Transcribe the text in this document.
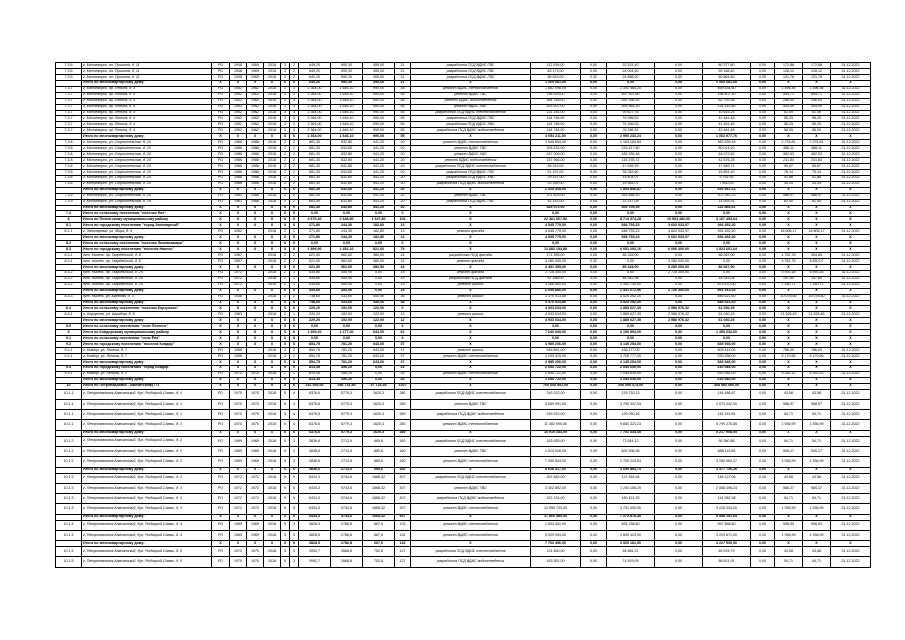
7.3.6	г. Мончегорск, пл. Пушкина, д. 11	РО	1948	1969	2018	3	2	649,20	590,30	455,00	21	разработка ПСД ВДИС ГВС	112 939,00	0,00	32 531,40	0,00	80 377,60	0,00	172,88	172,88	31.12.2022
7.3.6	г. Мончегорск, пл. Пушкина, д. 11	РО	1948	1969	2018	3	2	649,20	590,30	455,00	21	разработка ПСД ВДИС ГВС	83 173,00	0,00	24 004,60	0,00	59 168,40	0,00	128,12	128,12	31.12.2022
7.3.6	г. Мончегорск, пл. Пушкина, д. 11	РО	1948	1969	2018	3	2	649,20	590,30	455,00	21	разработка ПСД ВДИС ГВС	85 553,00	0,00	24 688,20	0,00	60 864,80	0,00	131,78	131,78	31.12.2022
	Итого по многоквартирному дому:	X	X	X	X	X	X	649,20	590,30	455,00	21	X	1 069 681,00	0,00	0,00	0,00	1 069 681,00	0,00	X	X	X
7.3.7	г. Мончегорск, пр. Ленина, д. 4	РО	1952	1962	2018	3	3	2 364,00	1 646,10	990,00	55	ремонт ВДИС теплоснабжения	1 862 098,00	0,00	1 392 463,20	0,00	469 634,80	0,00	1 496,36	1 496,36	31.12.2022
7.3.7	г. Мончегорск, пр. Ленина, д. 4	РО	1952	1962	2018	3	3	2 364,00	1 646,10	990,00	55	ремонт ВДИС ГВС	796 329,00	0,00	597 921,60	0,00	198 407,40	0,00	594,71	594,71	31.12.2022
7.3.7	г. Мончегорск, пр. Ленина, д. 4	РО	1952	1962	2018	3	3	2 364,00	1 646,10	990,00	55	ремонт ВДИС водоотведения	364 789,00	0,00	281 996,92	0,00	82 792,08	0,00	256,04	256,04	31.12.2022
7.3.7	г. Мончегорск, пр. Ленина, д. 4	РО	1952	1962	2018	3	3	2 364,00	1 646,10	990,00	55	ремонт ВДИС ХВС	533 507,00	0,00	399 364,20	0,00	134 142,80	0,00	405,49	405,49	31.12.2022
7.3.7	г. Мончегорск, пр. Ленина, д. 4	РО	1952	1962	2018	3	3	2 364,00	1 646,10	990,00	55	разработка ПСД ВДИС теплоснабжения	131 244,00	0,00	90 627,76	0,00	40 616,24	0,00	61,49	61,49	31.12.2022
7.3.7	г. Мончегорск, пр. Ленина, д. 4	РО	1952	1962	2018	3	3	2 364,00	1 646,10	990,00	55	разработка ПСД ВДИС ГВС	118 748,00	0,00	76 286,52	0,00	42 461,48	0,00	56,25	56,25	31.12.2022
7.3.7	г. Мончегорск, пр. Ленина, д. 4	РО	1952	1962	2018	3	3	2 364,00	1 646,10	990,00	55	разработка ПСД ВДИС ХВС	118 748,00	0,00	76 286,52	0,00	42 461,48	0,00	56,25	56,25	31.12.2022
7.3.7	г. Мончегорск, пр. Ленина, д. 4	РО	1952	1962	2018	3	3	2 364,00	1 646,10	990,00	55	разработка ПСД ВДИС водоотведения	118 748,00	0,00	76 286,52	0,00	42 461,48	0,00	56,25	56,25	31.12.2022
	Итого по многоквартирному дому:	X	X	X	X	X	X	2 364,00	1 646,10	990,00	55	X	4 054 211,00	0,00	2 990 233,24	0,00	1 063 977,76	0,00	X	X	X
7.3.8	г. Мончегорск, ул. Строительная, д. 24	РО	1986	1986	2018	2	2	681,30	632,80	441,20	20	ремонт ВДИС теплоснабжения	1 545 804,00	0,00	1 163 164,84	0,00	382 639,16	0,00	2 276,81	2 276,81	31.12.2022
7.3.8	г. Мончегорск, ул. Строительная, д. 24	РО	1986	1986	2018	2	2	681,30	632,80	441,20	20	ремонт ВДИС ГВС	305 432,00	0,00	225 417,80	0,00	80 014,20	0,00	488,11	488,11	31.12.2022
7.3.8	г. Мончегорск, ул. Строительная, д. 24	РО	1986	1986	2018	2	2	681,30	632,80	441,20	20	ремонт ВДИС ХВС	247 009,00	0,00	182 936,48	0,00	64 072,52	0,00	362,53	362,53	31.12.2022
7.3.8	г. Мончегорск, ул. Строительная, д. 24	РО	1986	1986	2018	2	2	681,30	632,80	441,20	20	ремонт ВДИС водоотведения	157 955,00	0,00	115 378,72	0,00	42 576,28	0,00	231,84	231,84	31.12.2022
7.3.8	г. Мончегорск, ул. Строительная, д. 24	РО	1986	1986	2018	2	2	681,30	632,80	441,20	20	разработка ПСД ВДИС теплоснабжения	65 319,00	0,00	47 635,29	0,00	17 683,71	0,00	95,87	95,87	31.12.2022
7.3.8	г. Мончегорск, ул. Строительная, д. 24	РО	1986	1986	2018	2	2	681,30	632,80	441,20	20	разработка ПСД ВДИС ГВС	51 197,00	0,00	35 345,60	0,00	15 851,40	0,00	75,14	75,14	31.12.2022
7.3.8	г. Мончегорск, ул. Строительная, д. 24	РО	1986	1986	2018	2	2	681,30	632,80	441,20	20	разработка ПСД ВДИС ХВС	29 197,00	0,00	19 404,07	0,00	9 792,93	0,00	42,86	42,86	31.12.2022
7.3.8	г. Мончегорск, ул. Строительная, д. 24	РО	1986	1986	2018	2	2	681,30	632,80	441,20	20	разработка ПСД ВДИС водоотведения	23 395,00	0,00	15 564,07	0,00	7 830,93	0,00	34,34	34,34	31.12.2022
	Итого по многоквартирному дому:	X	X	X	X	X	X	681,30	632,80	441,20	20	X	2 425 308,00	0,00	1 804 846,87	0,00	620 461,13	0,00	X	X	X
7.3.9	г. Мончегорск, ул. Строительная, д. 26	РО	1961	1986	2018	2	2	681,30	632,80	441,20	20	ремонт ВДИС ГВС	371 429,00	0,00	263 488,30	0,00	107 940,70	0,00	586,97	586,97	31.12.2022
7.3.9	г. Мончегорск, ул. Строительная, д. 26	РО	1961	1986	2018	2	2	681,30	632,80	441,20	20	разработка ПСД ВДИС ГВС	52 143,00	0,00	37 217,09	0,00	14 925,91	0,00	82,40	82,40	31.12.2022
	Итого по многоквартирному дому:	X	X	X	X	X	X	681,30	632,80	441,20	20	X	423 572,00	0,00	300 705,39	0,00	122 866,61	0,00	X	X	X
7.4	Итого по сельскому поселению "поселок Нат"	X	X	X	X	X	X	0,00	0,00	0,00	0	X	0,00	0,00	0,00	0,00	0,00	0,00	X	X	X
8	Итого по Печенгскому муниципальному району	X	X	X	X	X	X	3 676,40	2 638,90	1 647,80	104	X	22 361 607,80	0,00	8 713 374,28	10 503 480,00	3 167 453,64	0,00	X	X	X
8.1	Итого по городскому поселению "город Заполярный"	X	X	X	X	X	X	271,80	244,30	182,80	13	X	4 545 779,00	0,00	548 793,23	3 602 033,97	394 452,40	0,00	X	X	X
8.1.1	г. Заполярный, ул. Мира, д. 5	РО	1952		2018	2	1	271,80	244,30	182,80	13	ремонт фасада	4 545 779,00	0,00	548 793,23	3 602 033,97	394 452,40	0,00	18 606,17	18 606,17	31.12.2022
	Итого по многоквартирному дому:	X	X	X	X	X	X	271,80	244,30	182,80	13	X	4 545 779,00	0,00	548 793,23	3 602 033,97	394 452,40	0,00	X	X	X
8.2	Итого по сельскому поселению "поселок Лиинахамари"	X	X	X	X	X	X	0,00	0,00	0,00	0	X	0,00	0,00	0,00	0,00	0,00	0,00	X	X	X
8.3	Итого по городскому поселению "поселок Никель"	X	X	X	X	X	X	1 895,90	1 451,10	821,00	79	X	12 882 194,80	0,00	6 051 293,16	6 006 300,00	1 824 601,64	0,00	X	X	X
8.3.1	пгт. Никель, пр. Гвардейский, д. 8	РО	1967		2018	2	2	621,50	562,60	380,50	24	разработка ПСД фасада	171 395,00	0,00	85 328,00	0,00	86 067,00	0,00	4 762,78	304,65	31.12.2022
8.3.1	пгт. Никель, пр. Гвардейский, д. 8	РО	1967		2018	2	2	621,50	562,60	380,50	24	ремонт фасада	3 280 000,00	0,00	0,00	3 280 000,00	0,00	0,00	4 762,78	5 830,07	31.12.2022
	Итого по многоквартирному дому:	X	X	X	X	X	X	621,50	562,60	380,50	24	X	3 451 395,00	0,00	85 328,00	3 280 000,00	86 067,00	0,00	X	X	X
8.3.2	пгт. Никель, пр. Гвардейский, д. 25	РО	1972		2018	2	1	535,80	454,90	0,00	19	ремонт фасада	2 726 300,00	0,00	0,00	2 726 300,00	0,00	0,00	5 993,18	5 993,18	31.12.2022
8.3.2	пгт. Никель, пр. Гвардейский, д. 25	РО	1972		2018	2	1	535,80	454,90	0,00	19	разработка ПСД фасада	67 186,00	0,00	48 942,96	0,00	18 243,04	0,00	147,69	147,69	31.12.2022
8.3.2	пгт. Никель, пр. Гвардейский, д. 25	РО	1972		2018	2	1	535,80	454,90	0,00	19	ремонт крыши	3 266 400,00	0,00	2 392 730,00	0,00	873 670,00	0,00	7 180,71	7 180,71	31.12.2022
	Итого по многоквартирному дому:	X	X	X	X	X	X	535,80	454,90	0,00	19	X	6 059 886,00	0,00	2 441 672,96	2 726 300,00	891 913,04	0,00	X	X	X
8.3.3	пгт. Никель, ул. Бредова, д. 3	РО	1938		2018	2	2	738,60	433,60	440,50	36	ремонт крыши	3 370 913,80	0,00	3 524 292,20	0,00	846 621,60	0,00	10 078,50	10 078,50	31.12.2022
	Итого по многоквартирному дому:	X	X	X	X	X	X	738,60	433,60	440,50	36	X	3 370 913,80	0,00	3 524 292,20	0,00	846 621,60	0,00	X	X	X
8.4	Итого по сельскому поселению "поселок Корзуново"	X	X	X	X	X	X	229,20	192,00	122,00	0	X	4 933 634,00	0,00	1 885 627,39	2 986 976,32	61 030,29	0,00	X	X	X
8.4.1	п. Корзуново, ул. Шмидта, д. 8	РО	1983		2018	2	1	229,20	192,00	122,00	12	ремонт крыши	4 933 634,00	0,00	1 885 627,39	2 986 976,32	61 030,29	0,00	21 525,45	21 525,45	31.12.2022
	Итого по многоквартирному дому:	X	X	X	X	X	X	229,20	192,00	122,00	12	X	4 933 634,00	0,00	1 885 627,39	2 986 976,32	61 030,29	0,00	X	X	X
8.5	Итого по сельскому поселению "село Печенга"	X	X	X	X	X	X	0,00	0,00	0,00	0	X	0,00	0,00	0,00	0,00	0,00	0,00	X	X	X
9	Итого по Ковдорскому муниципальному району	X	X	X	X	X	X	1 669,20	1 277,40	643,00	62	X	7 640 928,00	0,00	6 190 894,00	0,00	1 450 034,00	0,00	X	X	X
9.1	Итого по сельскому поселению "село Ёна"	X	X	X	X	X	X	0,00	0,00	0,00	0	X	0,00	0,00	0,00	0,00	0,00	0,00	X	X	X
9.2	Итого по городскому поселению "поселок Ковдор"	X	X	X	X	X	X	854,75	781,20	643,00	37	X	4 985 206,00	0,00	4 145 254,00	0,00	839 946,00	0,00	X	X	X
9.2.1	г. Ковдор, ул. Ленина, д. 7	РО	1958		2018	3	2	854,75	781,20	643,00	37	ремонт крыши	945 891,00	0,00	436 477,00	0,00	509 414,00	0,00	786,00	786,00	31.12.2022
9.2.1	г. Ковдор, ул. Ленина, д. 7	РО	1958		2018	3	2	854,75	781,20	643,00	37	ремонт ВДИС теплоснабжения	4 039 315,00	0,00	3 708 777,00	0,00	330 538,00	0,00	5 170,66	5 170,66	31.12.2022
	Итого по многоквартирному дому:	X	X	X	X	X	X	854,75	781,20	643,00	37	X	4 985 206,00	0,00	4 145 254,00	0,00	839 946,00	0,00	X	X	X
9.3	Итого по городскому поселению "город Ковдор"	X	X	X	X	X	X	814,45	496,20	0,00	25	X	2 655 722,00	0,00	2 045 640,00	0,00	610 082,00	0,00	X	X	X
9.3.1	г. Ковдор, ул. Ленина, д. 2	РО	1972	2015	2018	2	1	814,45	496,20	0,00	25	ремонт ВДИС теплоснабжения	2 655 722,00	0,00	2 045 640,00	0,00	610 082,00	0,00	5 352,12	5 352,12	31.12.2022
	Итого по многоквартирному дому:	X	X	X	X	X	X	814,45	496,20	0,00	25	X	2 655 722,00	0,00	2 045 640,00	0,00	610 082,00	0,00	X	X	X
10	Итого по Петропавловск - Камчатскому ГО	X	X	X	X	X	X	241 493,00	286 731,50	47 724,35	1207	X	765 045 502,00	0,00	206 055 474,00	0,00	468 583 080,00	0,00	X	X	X
10.1.1	г. Петропавловск-Камчатский, бул. Рыбацкой Славы, д. 1	РО	1970	1970	2018	5	4	6376,6	5779,3	1620,3	280	разработка ПСД ВДИС теплоснабжения	249 222,00	0,00	129 733,13	0,00	144 488,87	0,00	43,58	43,58	31.12.2022
10.1.1	г. Петропавловск-Камчатский, бул. Рыбацкой Славы, д. 1	РО	1970	1970	2018	5	4	6376,6	5779,3	1620,3	280	ремонт ВДИС ГВС	5 659 991,00	0,00	3 759 347,93	0,00	2 073 442,90	0,00	988,97	988,97	31.12.2022
10.1.1	г. Петропавловск-Камчатский, бул. Рыбацкой Славы, д. 1	РО	1970	1970	2018	5	4	6376,6	5779,3	1620,3	280	разработка ПСД ВДИС водоотведения	249 222,00	0,00	129 030,16	0,00	118 191,84	0,00	54,71	54,71	31.12.2022
10.1.1	г. Петропавловск-Камчатский, бул. Рыбацкой Славы, д. 1	РО	1970	1970	2018	5	4	6376,6	5779,3	1620,3	280	ремонт ВДИС теплоснабжения	11 482 990,00	0,00	9 683 323,23	0,00	5 799 276,85	0,00	1 936,99	1 936,99	31.12.2022
	Итого по многоквартирному дому:	X	X	X	X	X	X	6376,6	5779,3	1620,3	280	X	16 919 343,00	0,00	7 701 434,45	0,00	9 217 908,55	0,00	X	X	X
10.1.2	г. Петропавловск-Камчатский, бул. Рыбацкой Славы, д. 2	РО	1969	1969	2018	5	3	3836,6	2713,5	685,6	160	разработка ПСД ВДИС теплоснабжения	163 925,00	0,00	73 544,12	0,00	90 380,88	0,00	54,71	54,71	31.12.2022
10.1.2	г. Петропавловск-Камчатский, бул. Рыбацкой Славы, д. 2	РО	1969	1969	2018	5	3	3836,6	2713,5	685,6	160	ремонт ВДИС ГВС	1 514 026,00	0,00	825 906,35	0,00	688 119,65	0,00	505,27	505,27	31.12.2022
10.1.2	г. Петропавловск-Камчатский, бул. Рыбацкой Славы, д. 2	РО	1969	1969	2018	5	3	3836,6	2713,5	685,6	160	ремонт ВДИС теплоснабжения	7 950 844,00	0,00	2 700 223,63	0,00	3 250 054,37	0,00	1 936,99	1 936,99	31.12.2022
	Итого по многоквартирному дому:	X	X	X	X	X	X	3836,6	2713,5	685,6	160	X	8 628 317,00	0,00	3 659 884,74	0,00	4 377 726,26	0,00	X	X	X
10.1.3	г. Петропавловск-Камчатский, бул. Рыбацкой Славы, д. 3	РО	1972	1972	2018	5	5	6434,3	5744,6	1668,32	307	разработка ПСД ВДИС теплоснабжения	267 682,00	0,00	121 554,94	0,00	146 127,06	0,00	43,58	43,58	31.12.2022
10.1.3	г. Петропавловск-Камчатский, бул. Рыбацкой Славы, д. 3	РО	1972	1972	2018	5	5	6434,3	5744,6	1668,32	307	ремонт ВДИС ГВС	3 302 892,00	0,00	1 254 108,29	0,00	2 068 496,24	0,00	585,37	585,37	31.12.2022
10.1.3	г. Петропавловск-Камчатский, бул. Рыбацкой Славы, д. 3	РО	1972	1972	2018	5	5	6434,3	5744,6	1668,32	307	разработка ПСД ВДИС водоотведения	322 134,00	0,00	180 421,33	0,00	141 962,38	0,00	54,71	54,71	31.12.2022
10.1.3	г. Петропавловск-Камчатский, бул. Рыбацкой Славы, д. 3	РО	1972	1972	2018	5	5	6434,3	5744,6	1668,32	307	ремонт ВДИС теплоснабжения	12 959 733,00	0,00	3 731 400,00	0,00	9 228 333,00	0,00	1 936,99	1 936,99	31.12.2022
	Итого по многоквартирному дому:	X	X	X	X	X	X	6434,3	5744,6	1668,32	307	X	17 860 480,00	0,00	7 272 878,39	0,00	9 588 151,64	0,00	X	X	X
10.1.4	г. Петропавловск-Камчатский, бул. Рыбацкой Славы, д. 4	РО	1969	1969	2018	5	3	3828,5	2786,8	667,6	132	ремонт ВДИС теплоснабжения	1 834 402,00	0,00	825 758,50	0,00	997 868,50	0,00	598,53	598,53	31.12.2022
10.1.4	г. Петропавловск-Камчатский, бул. Рыбацкой Славы, д. 4	РО	1969	1969	2018	5	3	3828,5	2786,8	667,6	132	ремонт ВДИС теплоснабжения	5 929 094,00	0,00	2 699 423,00	0,00	3 229 671,00	0,00	1 936,99	1 936,99	31.12.2022
	Итого по многоквартирному дому:	X	X	X	X	X	X	3828,5	2786,8	667,6	132	X	7 763 496,00	0,00	3 525 181,50	0,00	4 227 539,50	0,00	X	X	X
10.1.5	г. Петропавловск-Камчатский, бул. Рыбацкой Славы, д. 5	РО	1970	1970	2018	5	3	3992,7	2668,8	752,8	127	разработка ПСД ВДИС теплоснабжения	124 460,00	0,00	54 881,21	0,00	69 578,79	0,00	43,58	43,58	31.12.2022
10.1.5	г. Петропавловск-Камчатский, бул. Рыбацкой Славы, д. 5	РО	1970	1970	2018	5	3	3992,7	2668,8	752,8	127	разработка ПСД ВДИС водоотведения	163 551,00	0,00	74 929,09	0,00	88 621,91	0,00	54,71	54,71	31.12.2022
